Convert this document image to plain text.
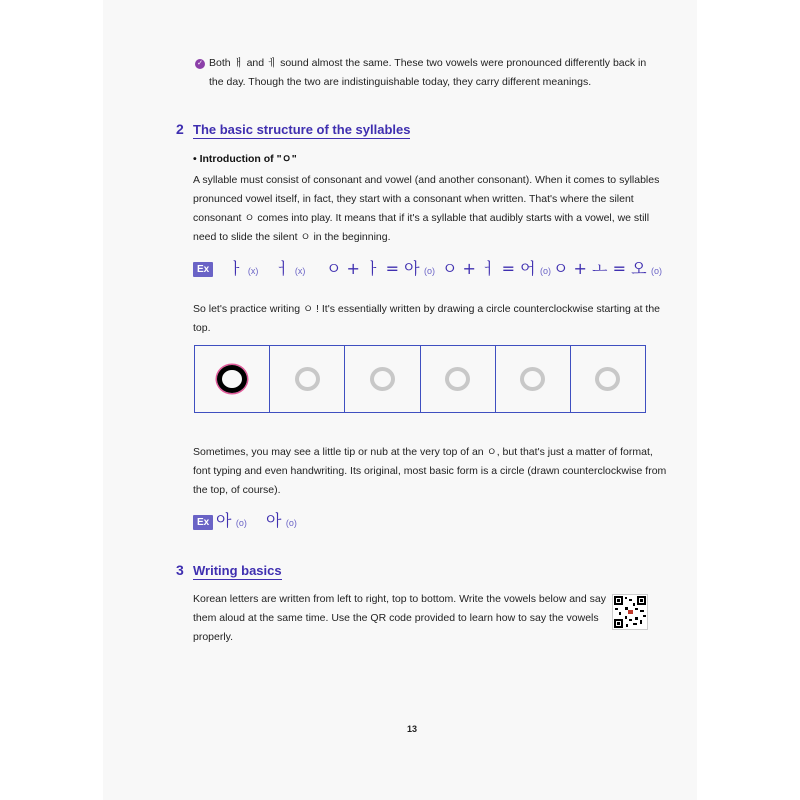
✓ Both ㅐ and ㅔ sound almost the same. These two vowels were pronounced differently back in
the day. Though the two are indistinguishable today, they carry different meanings.
2 The basic structure of the syllables
• Introduction of "ㅇ"
A syllable must consist of consonant and vowel (and another consonant). When it comes to syllables
pronunced vowel itself, in fact, they start with a consonant when written. That's where the silent
consonant ㅇ comes into play. It means that if it's a syllable that audibly starts with a vowel, we still
need to slide the silent ㅇ in the beginning.
Ex ㅏ (x) ㅓ (x) ㅇ + ㅏ = 아 (o) ㅇ + ㅓ = 어 (o) ㅇ + ㅗ = 오 (o)
So let's practice writing ㅇ ! It's essentially written by drawing a circle counterclockwise starting at the
top.
Sometimes, you may see a little tip or nub at the very top of an ㅇ, but that's just a matter of format,
font typing and even handwriting. Its original, most basic form is a circle (drawn counterclockwise from
the top, of course).
Ex 아 (o) 아 (o)
3 Writing basics
Korean letters are written from left to right, top to bottom. Write the vowels below and say
them aloud at the same time. Use the QR code provided to learn how to say the vowels
properly.
13
